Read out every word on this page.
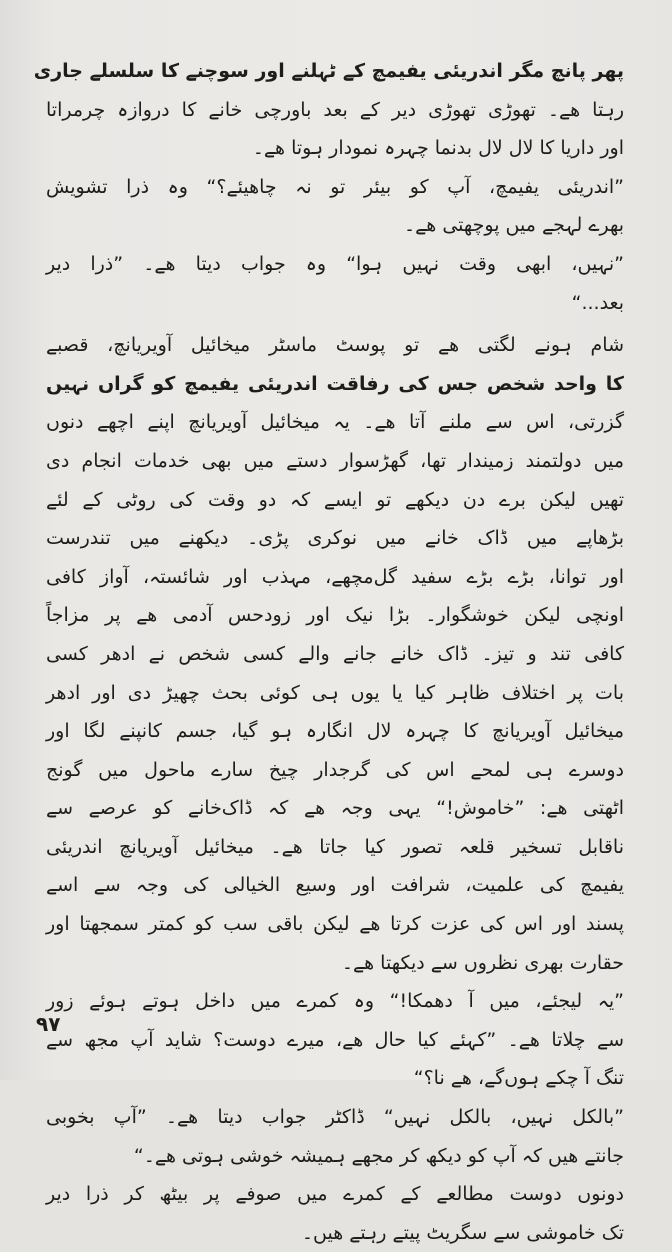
پھر پانچ مگر اندریئی یفیمچ کے ٹہلنے اور سوچنے کا سلسلے جاری
رہتا ھے۔ تھوڑی تھوڑی دیر کے بعد باورچی خانے کا دروازہ چرمراتا
اور داریا کا لال لال بدنما چہرہ نمودار ہوتا ھے۔
”اندریئی یفیمچ، آپ کو بیئر تو نہ چاھیئے؟“ وہ ذرا تشویش
بھرے لہجے میں پوچھتی ھے۔
”نہیں، ابھی وقت نہیں ہوا“ وہ جواب دیتا ھے۔ ”ذرا دیر
بعد...“
شام ہونے لگتی ھے تو پوسٹ ماسٹر میخائیل آویریانچ، قصبے
کا واحد شخص جس کی رفاقت اندریئی یفیمچ کو گراں نہیں
گزرتی، اس سے ملنے آتا ھے۔ یہ میخائیل آویریانچ اپنے اچھے دنوں
میں دولتمند زمیندار تھا، گھڑسوار دستے میں بھی خدمات انجام دی
تھیں لیکن برے دن دیکھے تو ایسے کہ دو وقت کی روٹی کے لئے
بڑھاپے میں ڈاک خانے میں نوکری پڑی۔ دیکھنے میں تندرست
اور توانا، بڑے بڑے سفید گل‌مچھے، مہذب اور شائستہ، آواز کافی
اونچی لیکن خوشگوار۔ بڑا نیک اور زودحس آدمی ھے پر مزاجاً
کافی تند و تیز۔ ڈاک خانے جانے والے کسی شخص نے ادھر کسی
بات پر اختلاف ظاہر کیا یا یوں ہی کوئی بحث چھیڑ دی اور ادھر
میخائیل آویریانچ کا چہرہ لال انگارہ ہو گیا، جسم کانپنے لگا اور
دوسرے ہی لمحے اس کی گرجدار چیخ سارے ماحول میں گونج
اٹھتی ھے: ”خاموش!“ یہی وجہ ھے کہ ڈاک‌خانے کو عرصے سے
ناقابل تسخیر قلعہ تصور کیا جاتا ھے۔ میخائیل آویریانچ اندریئی
یفیمچ کی علمیت، شرافت اور وسیع الخیالی کی وجہ سے اسے
پسند اور اس کی عزت کرتا ھے لیکن باقی سب کو کمتر سمجھتا اور
حقارت بھری نظروں سے دیکھتا ھے۔
”یہ لیجئے، میں آ دھمکا!“ وہ کمرے میں داخل ہوتے ہوئے زور
سے چلاتا ھے۔ ”کہئے کیا حال ھے، میرے دوست؟ شاید آپ مجھ سے
تنگ آ چکے ہوں‌گے، ھے نا؟“
”بالکل نہیں، بالکل نہیں“ ڈاکٹر جواب دیتا ھے۔ ”آپ بخوبی
جانتے ھیں کہ آپ کو دیکھ کر مجھے ہمیشہ خوشی ہوتی ھے۔“
دونوں دوست مطالعے کے کمرے میں صوفے پر بیٹھ کر ذرا دیر
تک خاموشی سے سگریٹ پیتے رہتے ھیں۔
٩٧
